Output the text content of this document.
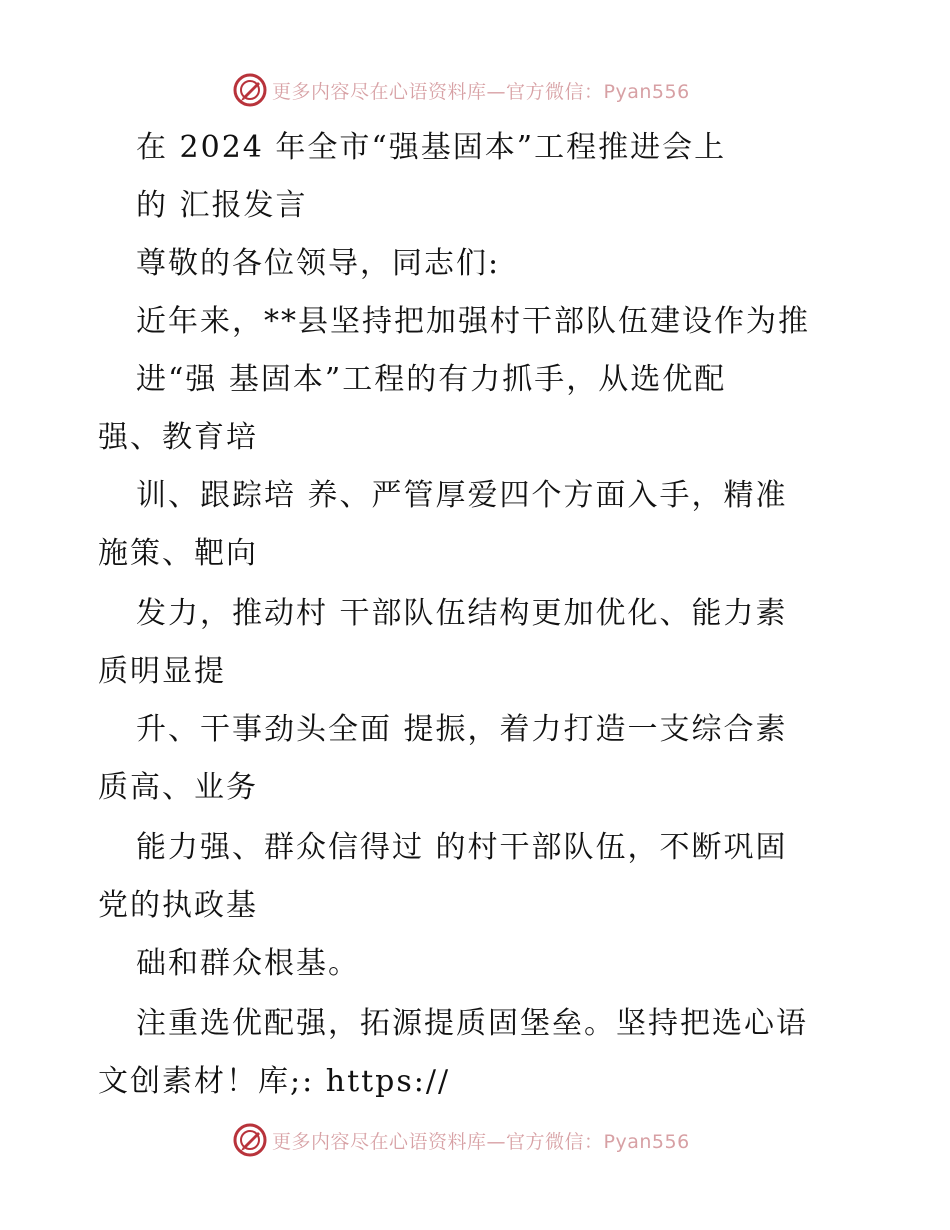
更多内容尽在心语资料库—官方微信：Pyan556
在 2024 年全市“强基固本”工程推进会上
的 汇报发言
尊敬的各位领导，同志们:
近年来，**县坚持把加强村干部队伍建设作为推
进“强 基固本”工程的有力抓手，从选优配
强、教育培
训、跟踪培 养、严管厚爱四个方面入手，精准
施策、靶向
发力，推动村 干部队伍结构更加优化、能力素
质明显提
升、干事劲头全面 提振，着力打造一支综合素
质高、业务
能力强、群众信得过 的村干部队伍，不断巩固
党的执政基
础和群众根基。
注重选优配强，拓源提质固堡垒。坚持把选心语
文创素材！库;: https://
更多内容尽在心语资料库—官方微信：Pyan556
